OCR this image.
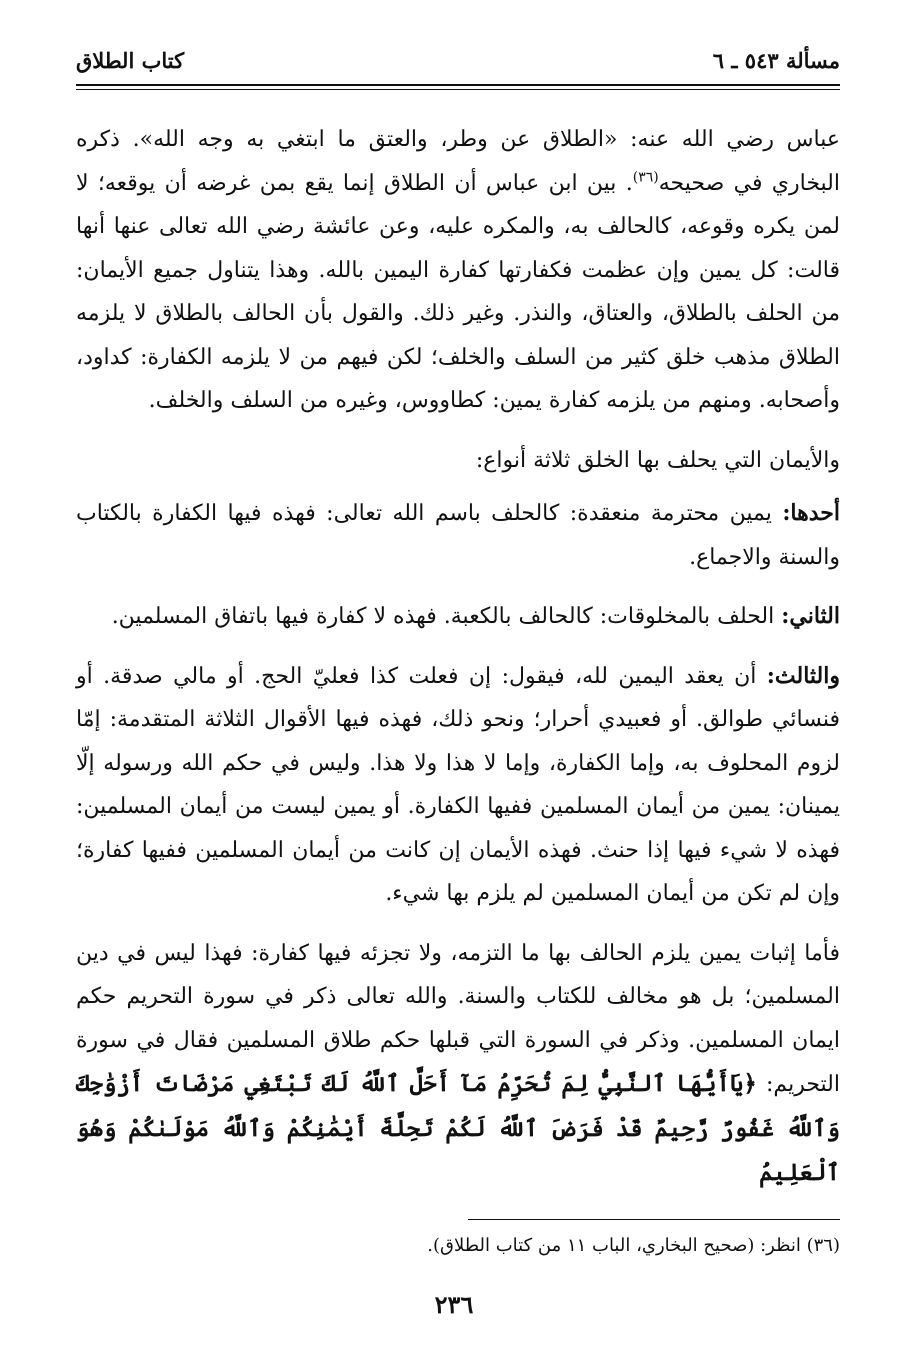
مسألة ٥٤٣ ـ ٦
كتاب الطلاق

عباس رضي الله عنه: «الطلاق عن وطر، والعتق ما ابتغي به وجه الله». ذكره البخاري في صحيحه$^{(٣٦)}$. بين ابن عباس أن الطلاق إنما يقع بمن غرضه أن يوقعه؛ لا لمن يكره وقوعه، كالحالف به، والمكره عليه، وعن عائشة رضي الله تعالى عنها أنها قالت: كل يمين وإن عظمت فكفارتها كفارة اليمين بالله. وهذا يتناول جميع الأيمان: من الحلف بالطلاق، والعتاق، والنذر. وغير ذلك. والقول بأن الحالف بالطلاق لا يلزمه الطلاق مذهب خلق كثير من السلف والخلف؛ لكن فيهم من لا يلزمه الكفارة: كداود، وأصحابه. ومنهم من يلزمه كفارة يمين: كطاووس، وغيره من السلف والخلف.

والأيمان التي يحلف بها الخلق ثلاثة أنواع:

أحدها: يمين محترمة منعقدة: كالحلف باسم الله تعالى: فهذه فيها الكفارة بالكتاب والسنة والاجماع.

الثاني: الحلف بالمخلوقات: كالحالف بالكعبة. فهذه لا كفارة فيها باتفاق المسلمين.

والثالث: أن يعقد اليمين لله، فيقول: إن فعلت كذا فعليّ الحج. أو مالي صدقة. أو فنسائي طوالق. أو فعبيدي أحرار؛ ونحو ذلك، فهذه فيها الأقوال الثلاثة المتقدمة: إمّا لزوم المحلوف به، وإما الكفارة، وإما لا هذا ولا هذا. وليس في حكم الله ورسوله إلّا يمينان: يمين من أيمان المسلمين ففيها الكفارة. أو يمين ليست من أيمان المسلمين: فهذه لا شيء فيها إذا حنث. فهذه الأيمان إن كانت من أيمان المسلمين ففيها كفارة؛ وإن لم تكن من أيمان المسلمين لم يلزم بها شيء.

فأما إثبات يمين يلزم الحالف بها ما التزمه، ولا تجزئه فيها كفارة: فهذا ليس في دين المسلمين؛ بل هو مخالف للكتاب والسنة. والله تعالى ذكر في سورة التحريم حكم ايمان المسلمين. وذكر في السورة التي قبلها حكم طلاق المسلمين فقال في سورة التحريم: ﴿يَاأَيُّهَا ٱلنَّبِيُّ لِمَ تُحَرِّمُ مَآ أَحَلَّ ٱللَّهُ لَكَ تَبْتَغِي مَرْضَاتَ أَزْوَٰجِكَ وَٱللَّهُ غَفُورٌ رَّحِيمٌ قَدْ فَرَضَ ٱللَّهُ لَكُمْ تَحِلَّةَ أَيْمَٰنِكُمْ وَٱللَّهُ مَوْلَىٰكُمْ وَهُوَ ٱلْعَلِيمُ

(٣٦) انظر: (صحيح البخاري، الباب ١١ من كتاب الطلاق).
٢٣٦
